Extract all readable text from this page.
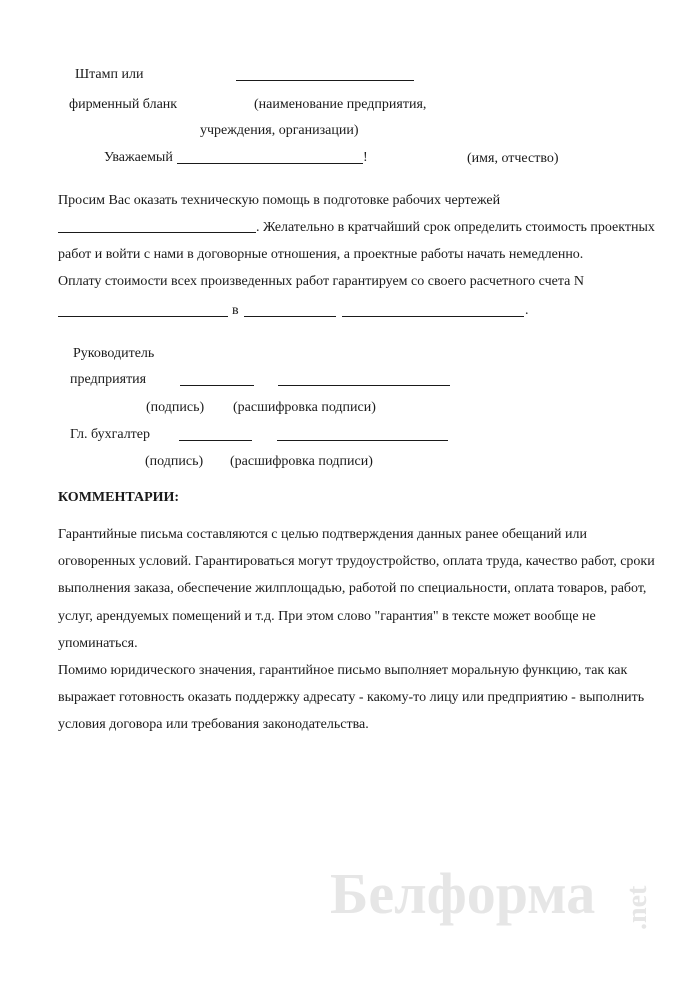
Штамп или
фирменный бланк	(наименование предприятия,
учреждения, организации)
Уважаемый	!	(имя, отчество)
Просим Вас оказать техническую помощь в подготовке рабочих чертежей
. Желательно в кратчайший срок определить стоимость проектных
работ и войти с нами в договорные отношения, а проектные работы начать немедленно.
Оплату стоимости всех произведенных работ гарантируем со своего расчетного счета N
в	.
Руководитель
предприятия
(подпись) (расшифровка подписи)
Гл. бухгалтер
(подпись) (расшифровка подписи)
КОММЕНТАРИИ:
Гарантийные письма составляются с целью подтверждения данных ранее обещаний или
оговоренных условий. Гарантироваться могут трудоустройство, оплата труда, качество работ, сроки
выполнения заказа, обеспечение жилплощадью, работой по специальности, оплата товаров, работ,
услуг, арендуемых помещений и т.д. При этом слово "гарантия" в тексте может вообще не
упоминаться.
Помимо юридического значения, гарантийное письмо выполняет моральную функцию, так как
выражает готовность оказать поддержку адресату - какому-то лицу или предприятию - выполнить
условия договора или требования законодательства.
Белформа .net
